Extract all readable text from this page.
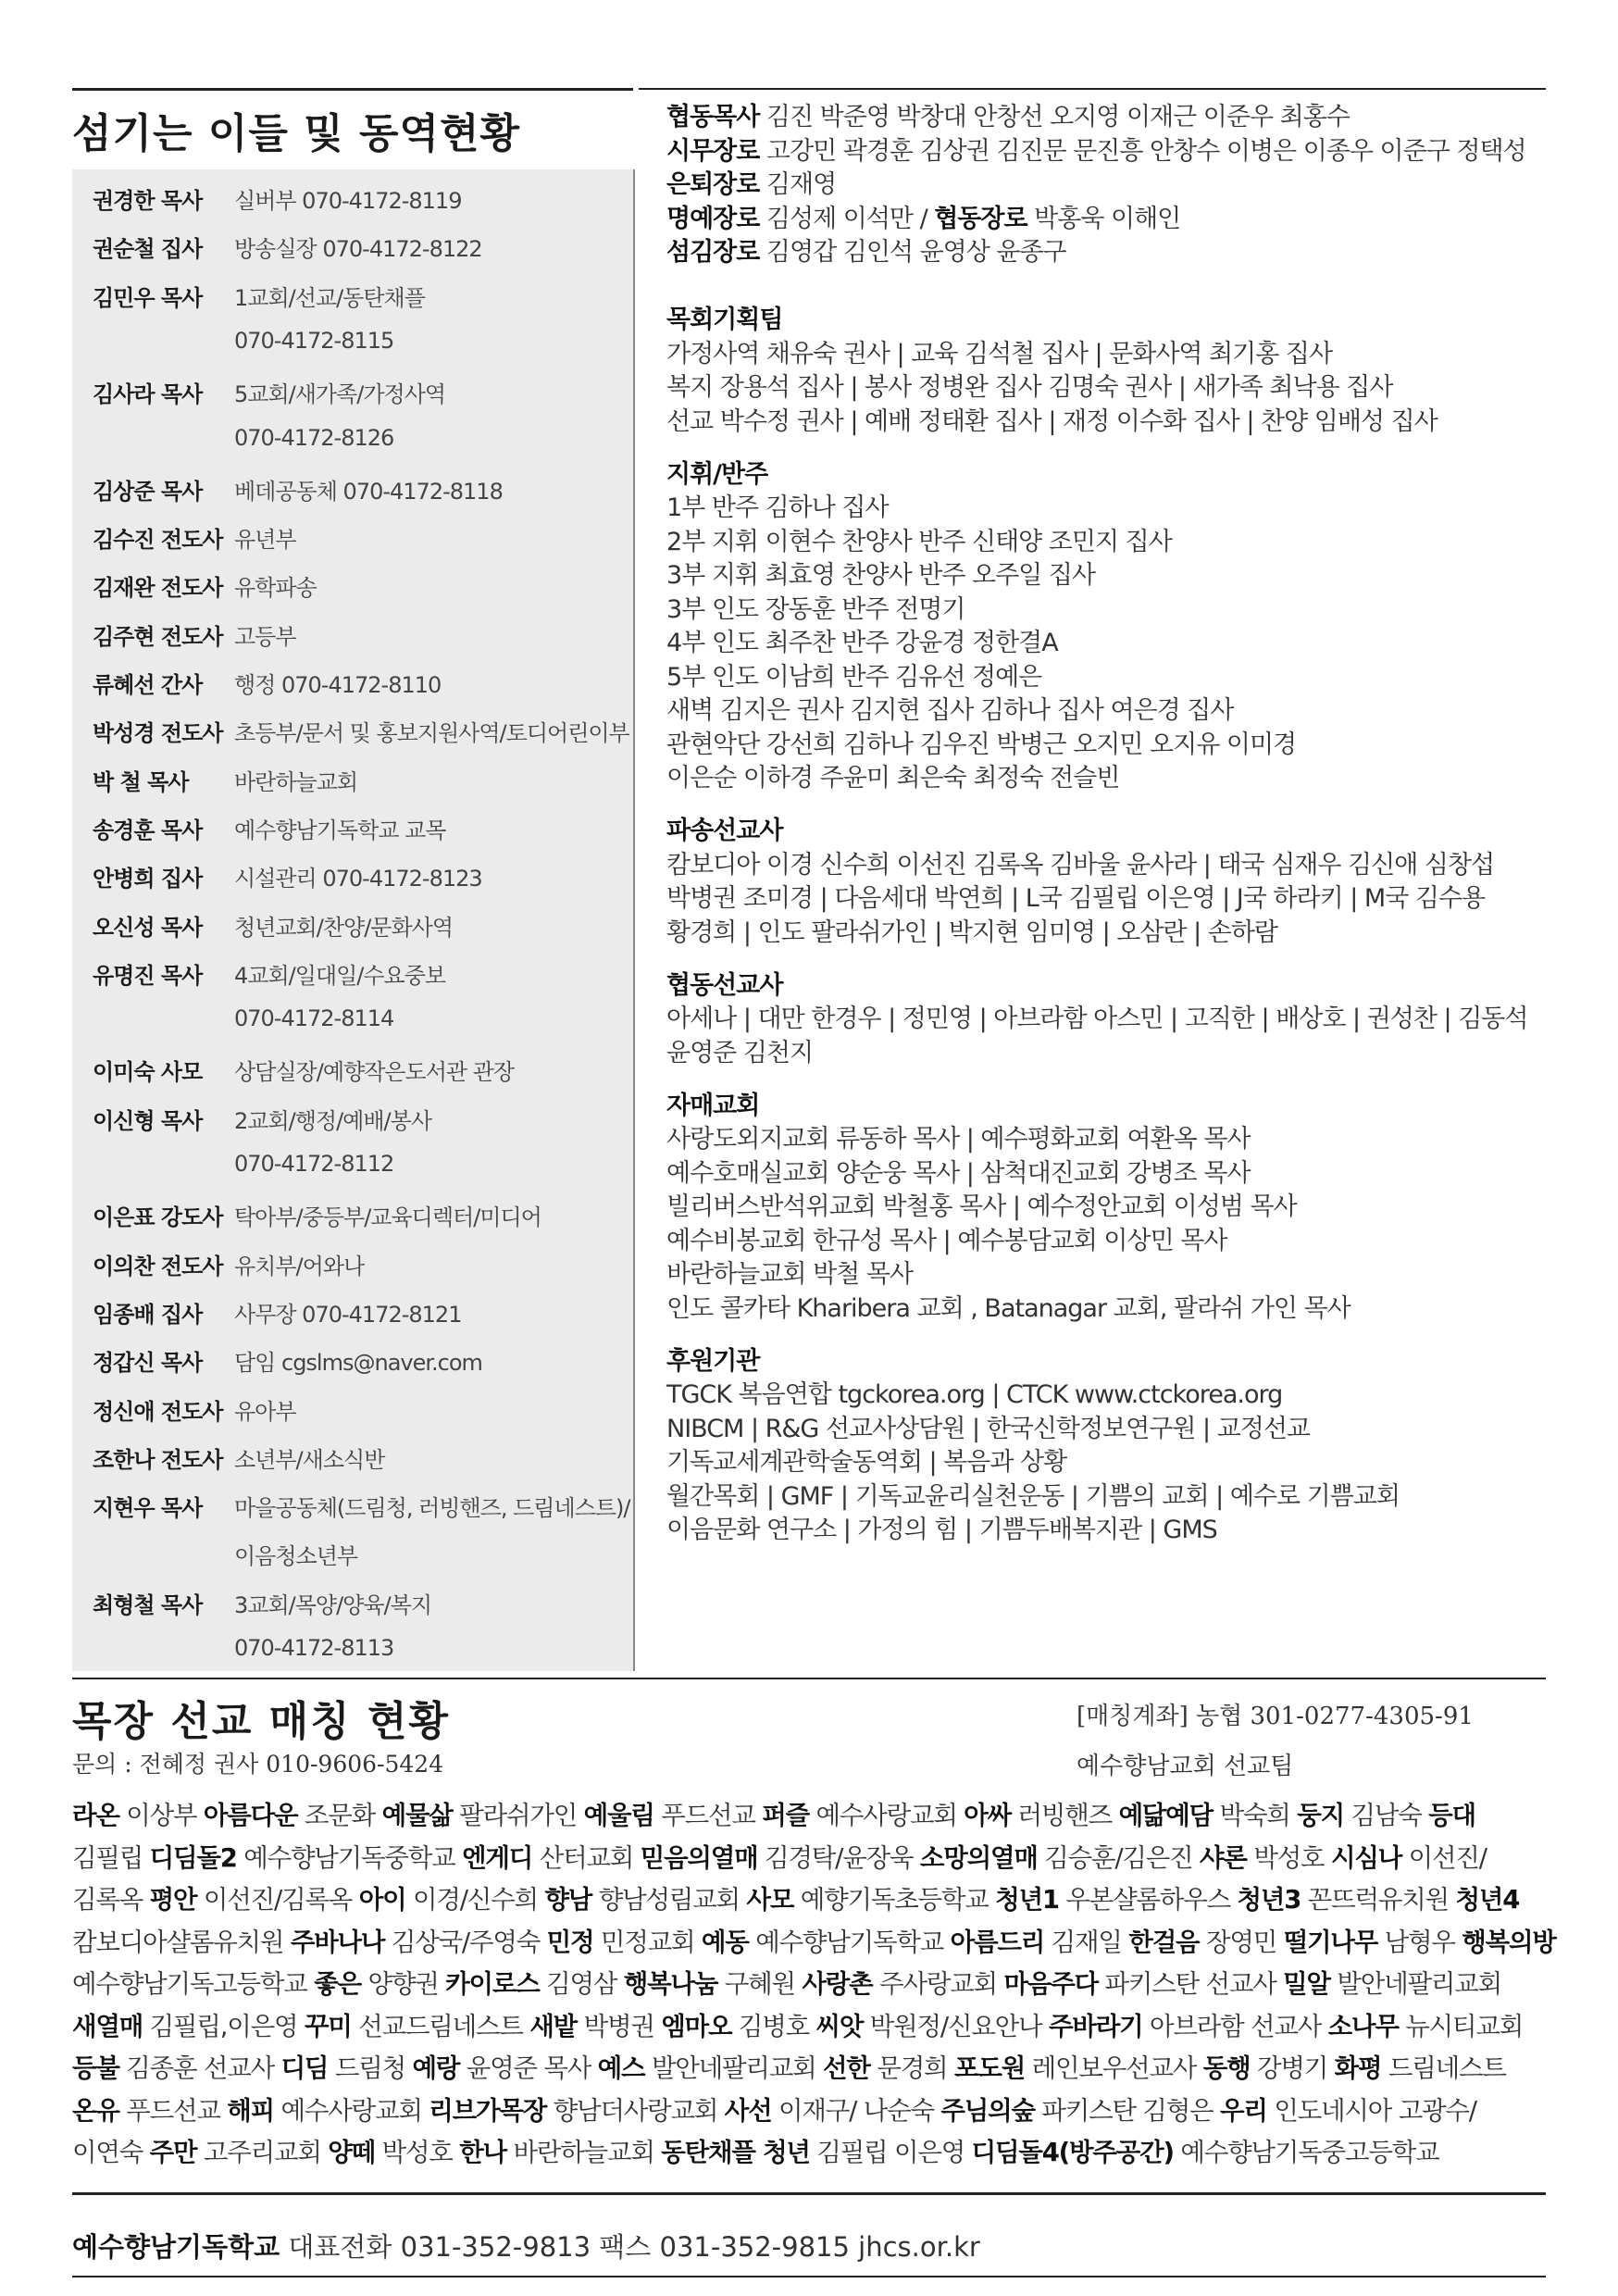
섬기는 이들 및 동역현황
권경한 목사 실버부 070-4172-8119
권순철 집사 방송실장 070-4172-8122
김민우 목사 1교회/선교/동탄채플
070-4172-8115
김사라 목사 5교회/새가족/가정사역
070-4172-8126
김상준 목사 베데공동체 070-4172-8118
김수진 전도사 유년부
김재완 전도사 유학파송
김주현 전도사 고등부
류혜선 간사 행정 070-4172-8110
박성경 전도사 초등부/문서 및 홍보지원사역/토디어린이부
박 철 목사 바란하늘교회
송경훈 목사 예수향남기독학교 교목
안병희 집사 시설관리 070-4172-8123
오신성 목사 청년교회/찬양/문화사역
유명진 목사 4교회/일대일/수요중보
070-4172-8114
이미숙 사모 상담실장/예향작은도서관 관장
이신형 목사 2교회/행정/예배/봉사
070-4172-8112
이은표 강도사 탁아부/중등부/교육디렉터/미디어
이의찬 전도사 유치부/어와나
임종배 집사 사무장 070-4172-8121
정갑신 목사 담임 cgslms@naver.com
정신애 전도사 유아부
조한나 전도사 소년부/새소식반
지현우 목사 마을공동체(드림청, 러빙핸즈, 드림네스트)/
이음청소년부
최형철 목사 3교회/목양/양육/복지
070-4172-8113
협동목사 김진 박준영 박창대 안창선 오지영 이재근 이준우 최홍수
시무장로 고강민 곽경훈 김상권 김진문 문진흥 안창수 이병은 이종우 이준구 정택성
은퇴장로 김재영
명예장로 김성제 이석만 / 협동장로 박홍욱 이해인
섬김장로 김영갑 김인석 윤영상 윤종구
목회기획팀
가정사역 채유숙 권사 | 교육 김석철 집사 | 문화사역 최기홍 집사
복지 장용석 집사 | 봉사 정병완 집사 김명숙 권사 | 새가족 최낙용 집사
선교 박수정 권사 | 예배 정태환 집사 | 재정 이수화 집사 | 찬양 임배성 집사
지휘/반주
1부 반주 김하나 집사
2부 지휘 이현수 찬양사 반주 신태양 조민지 집사
3부 지휘 최효영 찬양사 반주 오주일 집사
3부 인도 장동훈 반주 전명기
4부 인도 최주찬 반주 강윤경 정한결A
5부 인도 이남희 반주 김유선 정예은
새벽 김지은 권사 김지현 집사 김하나 집사 여은경 집사
관현악단 강선희 김하나 김우진 박병근 오지민 오지유 이미경
이은순 이하경 주윤미 최은숙 최정숙 전슬빈
파송선교사
캄보디아 이경 신수희 이선진 김록옥 김바울 윤사라 | 태국 심재우 김신애 심창섭
박병권 조미경 | 다음세대 박연희 | L국 김필립 이은영 | J국 하라키 | M국 김수용
황경희 | 인도 팔라쉬가인 | 박지현 임미영 | 오삼란 | 손하람
협동선교사
아세나 | 대만 한경우 | 정민영 | 아브라함 아스민 | 고직한 | 배상호 | 권성찬 | 김동석
윤영준 김천지
자매교회
사랑도외지교회 류동하 목사 | 예수평화교회 여환옥 목사
예수호매실교회 양순웅 목사 | 삼척대진교회 강병조 목사
빌리버스반석위교회 박철홍 목사 | 예수정안교회 이성범 목사
예수비봉교회 한규성 목사 | 예수봉담교회 이상민 목사
바란하늘교회 박철 목사
인도 콜카타 Kharibera 교회 , Batanagar 교회, 팔라쉬 가인 목사
후원기관
TGCK 복음연합 tgckorea.org | CTCK www.ctckorea.org
NIBCM | R&G 선교사상담원 | 한국신학정보연구원 | 교정선교
기독교세계관학술동역회 | 복음과 상황
월간목회 | GMF | 기독교윤리실천운동 | 기쁨의 교회 | 예수로 기쁨교회
이음문화 연구소 | 가정의 힘 | 기쁨두배복지관 | GMS
목장 선교 매칭 현황
문의 : 전혜정 권사 010-9606-5424
[매칭계좌] 농협 301-0277-4305-91
예수향남교회 선교팀
라온 이상부 아름다운 조문화 예물삶 팔라쉬가인 예울림 푸드선교 퍼즐 예수사랑교회 아싸 러빙핸즈 예닮예담 박숙희 둥지 김남숙 등대
김필립 디딤돌2 예수향남기독중학교 엔게디 산터교회 믿음의열매 김경탁/윤장욱 소망의열매 김승훈/김은진 샤론 박성호 시심나 이선진/
김록옥 평안 이선진/김록옥 아이 이경/신수희 향남 향남성림교회 사모 예향기독초등학교 청년1 우본샬롬하우스 청년3 꼰뜨럭유치원 청년4
캄보디아샬롬유치원 주바나나 김상국/주영숙 민정 민정교회 예동 예수향남기독학교 아름드리 김재일 한걸음 장영민 떨기나무 남형우 행복의방
예수향남기독고등학교 좋은 양향권 카이로스 김영삼 행복나눔 구혜원 사랑촌 주사랑교회 마음주다 파키스탄 선교사 밀알 발안네팔리교회
새열매 김필립,이은영 꾸미 선교드림네스트 새밭 박병권 엠마오 김병호 씨앗 박원정/신요안나 주바라기 아브라함 선교사 소나무 뉴시티교회
등불 김종훈 선교사 디딤 드림청 예랑 윤영준 목사 예스 발안네팔리교회 선한 문경희 포도원 레인보우선교사 동행 강병기 화평 드림네스트
온유 푸드선교 해피 예수사랑교회 리브가목장 향남더사랑교회 사선 이재구/ 나순숙 주님의숲 파키스탄 김형은 우리 인도네시아 고광수/
이연숙 주만 고주리교회 양떼 박성호 한나 바란하늘교회 동탄채플 청년 김필립 이은영 디딤돌4(방주공간) 예수향남기독중고등학교
예수향남기독학교 대표전화 031-352-9813 팩스 031-352-9815 jhcs.or.kr
